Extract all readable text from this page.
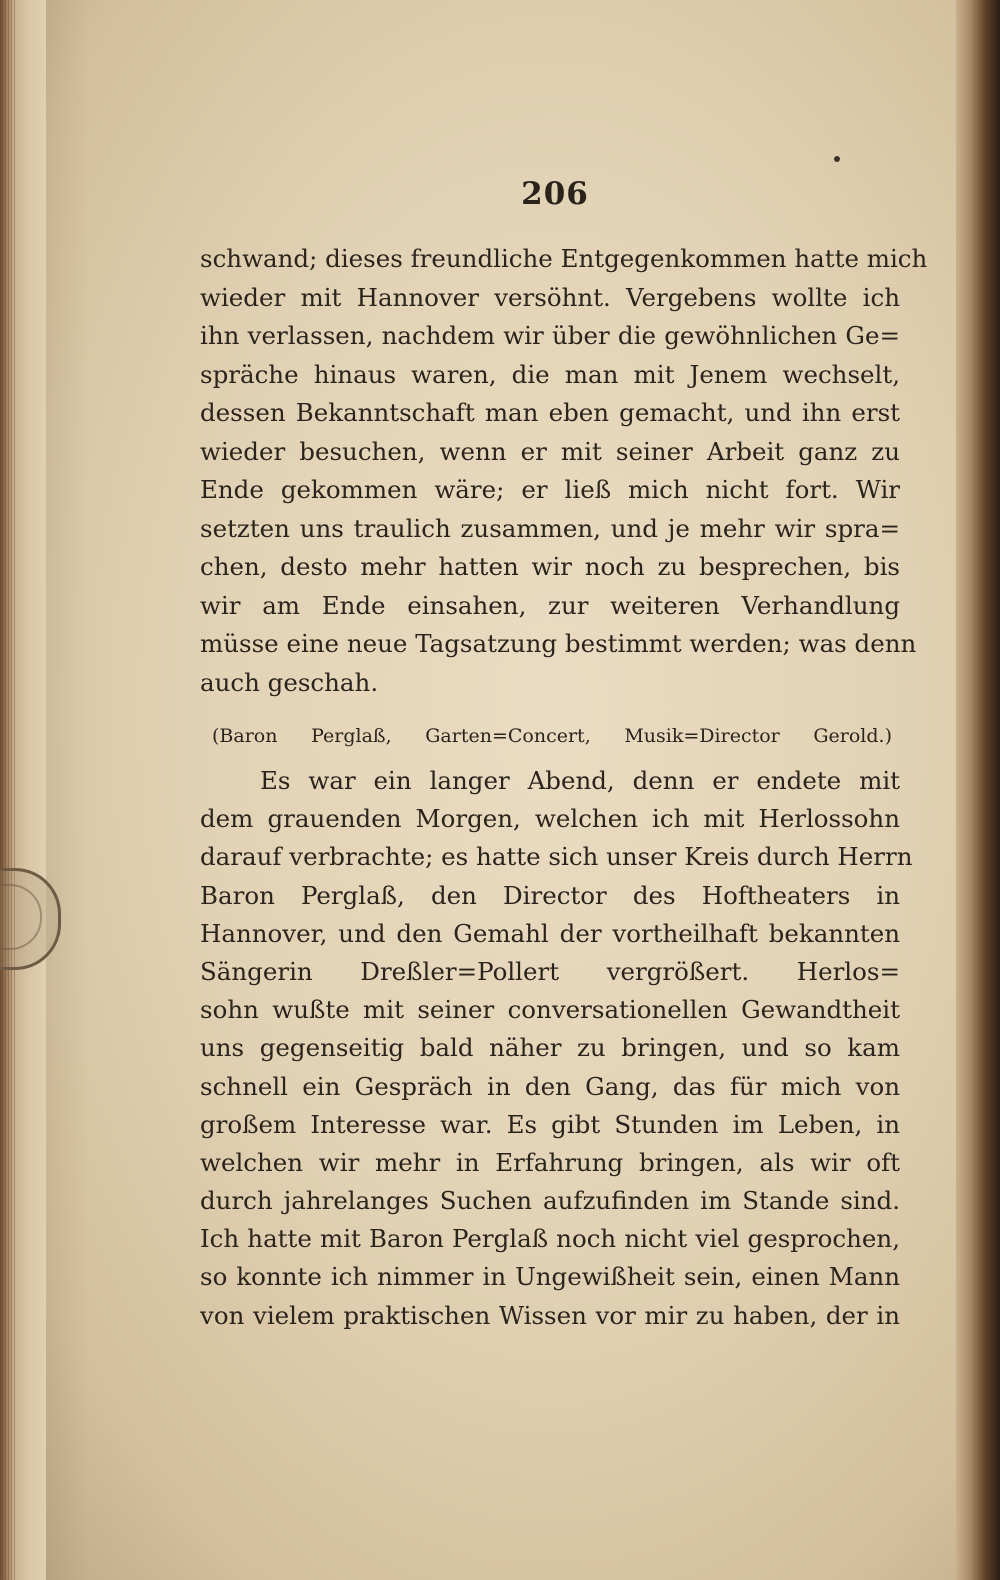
206
schwand; dieses freundliche Entgegenkommen hatte mich
wieder mit Hannover versöhnt. Vergebens wollte ich
ihn verlassen, nachdem wir über die gewöhnlichen Ge=
spräche hinaus waren, die man mit Jenem wechselt,
dessen Bekanntschaft man eben gemacht, und ihn erst
wieder besuchen, wenn er mit seiner Arbeit ganz zu
Ende gekommen wäre; er ließ mich nicht fort. Wir
setzten uns traulich zusammen, und je mehr wir spra=
chen, desto mehr hatten wir noch zu besprechen, bis
wir am Ende einsahen, zur weiteren Verhandlung
müsse eine neue Tagsatzung bestimmt werden; was denn
auch geschah.
(Baron Perglaß, Garten=Concert, Musik=Director Gerold.)
Es war ein langer Abend, denn er endete mit
dem grauenden Morgen, welchen ich mit Herlossohn
darauf verbrachte; es hatte sich unser Kreis durch Herrn
Baron Perglaß, den Director des Hoftheaters in
Hannover, und den Gemahl der vortheilhaft bekannten
Sängerin Dreßler=Pollert vergrößert. Herlos=
sohn wußte mit seiner conversationellen Gewandtheit
uns gegenseitig bald näher zu bringen, und so kam
schnell ein Gespräch in den Gang, das für mich von
großem Interesse war. Es gibt Stunden im Leben, in
welchen wir mehr in Erfahrung bringen, als wir oft
durch jahrelanges Suchen aufzufinden im Stande sind.
Ich hatte mit Baron Perglaß noch nicht viel gesprochen,
so konnte ich nimmer in Ungewißheit sein, einen Mann
von vielem praktischen Wissen vor mir zu haben, der in
